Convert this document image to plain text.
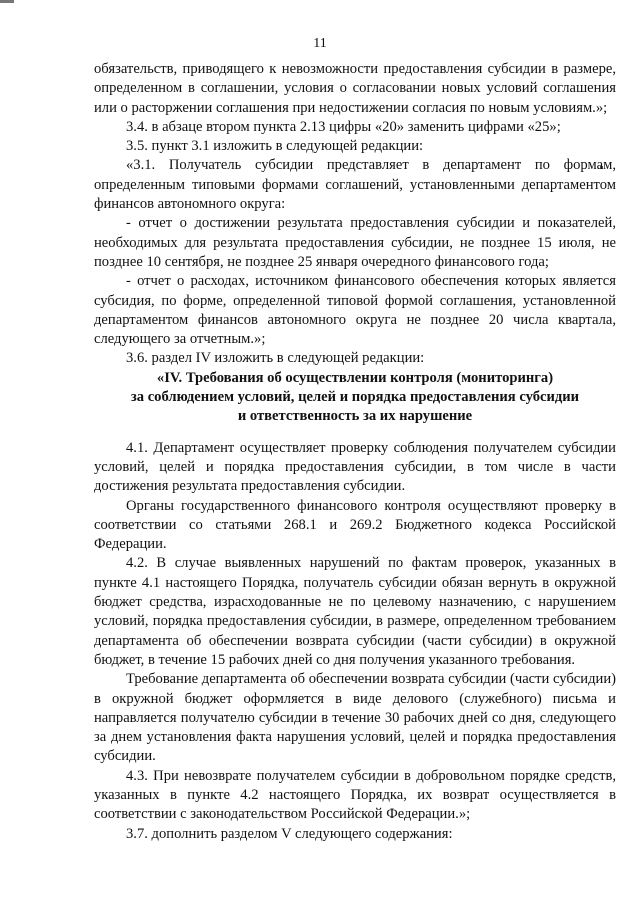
11

обязательств, приводящего к невозможности предоставления субсидии в размере, определенном в соглашении, условия о согласовании новых условий соглашения или о расторжении соглашения при недостижении согласия по новым условиям.»;

3.4. в абзаце втором пункта 2.13 цифры «20» заменить цифрами «25»;

3.5. пункт 3.1 изложить в следующей редакции:

«3.1. Получатель субсидии представляет в департамент по формам, определенным типовыми формами соглашений, установленными департаментом финансов автономного округа:

- отчет о достижении результата предоставления субсидии и показателей, необходимых для результата предоставления субсидии, не позднее 15 июля, не позднее 10 сентября, не позднее 25 января очередного финансового года;

- отчет о расходах, источником финансового обеспечения которых является субсидия, по форме, определенной типовой формой соглашения, установленной департаментом финансов автономного округа не позднее 20 числа квартала, следующего за отчетным.»;

3.6. раздел IV изложить в следующей редакции:

«IV. Требования об осуществлении контроля (мониторинга)

за соблюдением условий, целей и порядка предоставления субсидии

и ответственность за их нарушение

4.1. Департамент осуществляет проверку соблюдения получателем субсидии условий, целей и порядка предоставления субсидии, в том числе в части достижения результата предоставления субсидии.

Органы государственного финансового контроля осуществляют проверку в соответствии со статьями 268.1 и 269.2 Бюджетного кодекса Российской Федерации.

4.2. В случае выявленных нарушений по фактам проверок, указанных в пункте 4.1 настоящего Порядка, получатель субсидии обязан вернуть в окружной бюджет средства, израсходованные не по целевому назначению, с нарушением условий, порядка предоставления субсидии, в размере, определенном требованием департамента об обеспечении возврата субсидии (части субсидии) в окружной бюджет, в течение 15 рабочих дней со дня получения указанного требования.

Требование департамента об обеспечении возврата субсидии (части субсидии) в окружной бюджет оформляется в виде делового (служебного) письма и направляется получателю субсидии в течение 30 рабочих дней со дня, следующего за днем установления факта нарушения условий, целей и порядка предоставления субсидии.

4.3. При невозврате получателем субсидии в добровольном порядке средств, указанных в пункте 4.2 настоящего Порядка, их возврат осуществляется в соответствии с законодательством Российской Федерации.»;

3.7. дополнить разделом V следующего содержания:
